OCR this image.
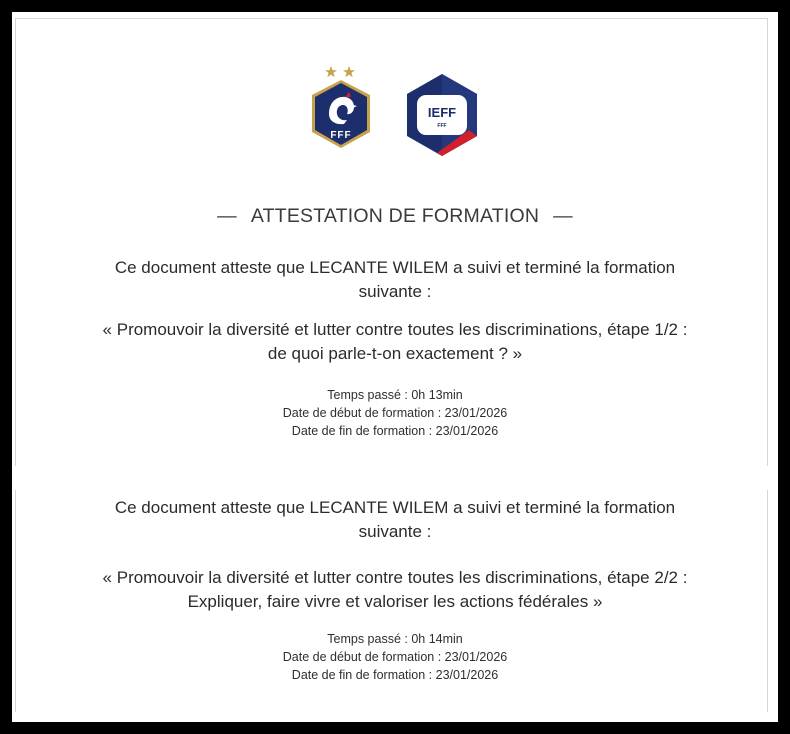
FFF
IEFF
FFF
— ATTESTATION DE FORMATION —
Ce document atteste que LECANTE WILEM a suivi et terminé la formation
suivante :
« Promouvoir la diversité et lutter contre toutes les discriminations, étape 1/2 :
de quoi parle-t-on exactement ? »
Temps passé : 0h 13min
Date de début de formation : 23/01/2026
Date de fin de formation : 23/01/2026
Ce document atteste que LECANTE WILEM a suivi et terminé la formation
suivante :
« Promouvoir la diversité et lutter contre toutes les discriminations, étape 2/2 :
Expliquer, faire vivre et valoriser les actions fédérales »
Temps passé : 0h 14min
Date de début de formation : 23/01/2026
Date de fin de formation : 23/01/2026
